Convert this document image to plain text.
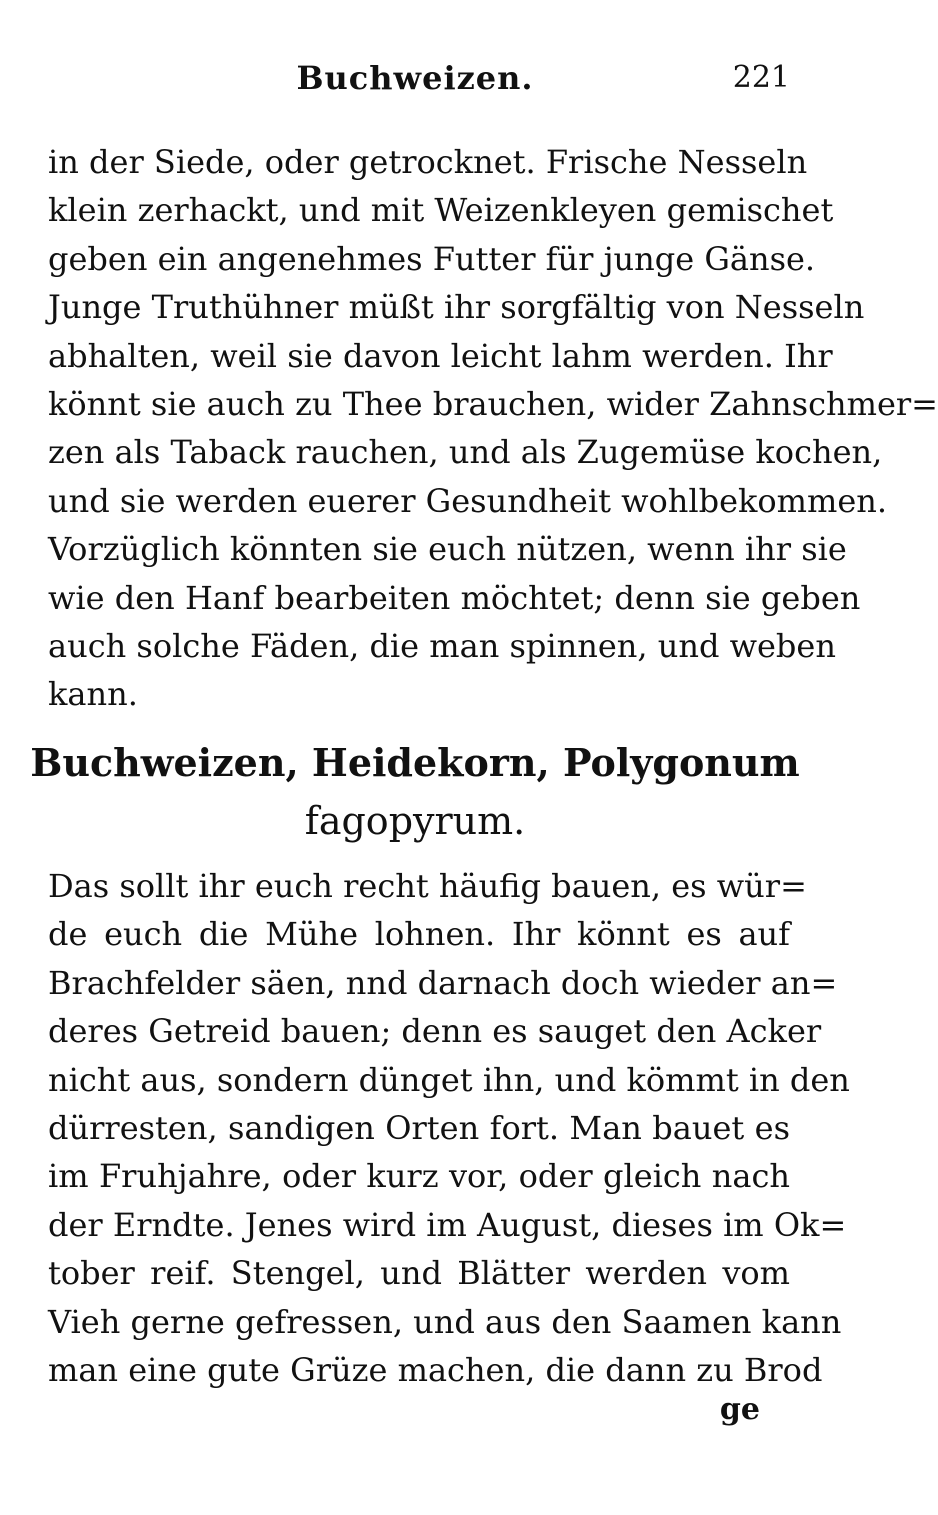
Buchweizen.	221
in der Siede, oder getrocknet. Frische Nesseln
klein zerhackt, und mit Weizenkleyen gemischet
geben ein angenehmes Futter für junge Gänse.
Junge Truthühner müßt ihr sorgfältig von Nesseln
abhalten, weil sie davon leicht lahm werden. Ihr
könnt sie auch zu Thee brauchen, wider Zahnschmer=
zen als Taback rauchen, und als Zugemüse kochen,
und sie werden euerer Gesundheit wohlbekommen.
Vorzüglich könnten sie euch nützen, wenn ihr sie
wie den Hanf bearbeiten möchtet; denn sie geben
auch solche Fäden, die man spinnen, und weben
kann.
Buchweizen, Heidekorn, Polygonum
fagopyrum.
Das sollt ihr euch recht häufig bauen, es wür=
de euch die Mühe lohnen. Ihr könnt es auf
Brachfelder säen, nnd darnach doch wieder an=
deres Getreid bauen; denn es sauget den Acker
nicht aus, sondern dünget ihn, und kömmt in den
dürresten, sandigen Orten fort. Man bauet es
im Fruhjahre, oder kurz vor, oder gleich nach
der Erndte. Jenes wird im August, dieses im Ok=
tober reif. Stengel, und Blätter werden vom
Vieh gerne gefressen, und aus den Saamen kann
man eine gute Grüze machen, die dann zu Brod
ge
